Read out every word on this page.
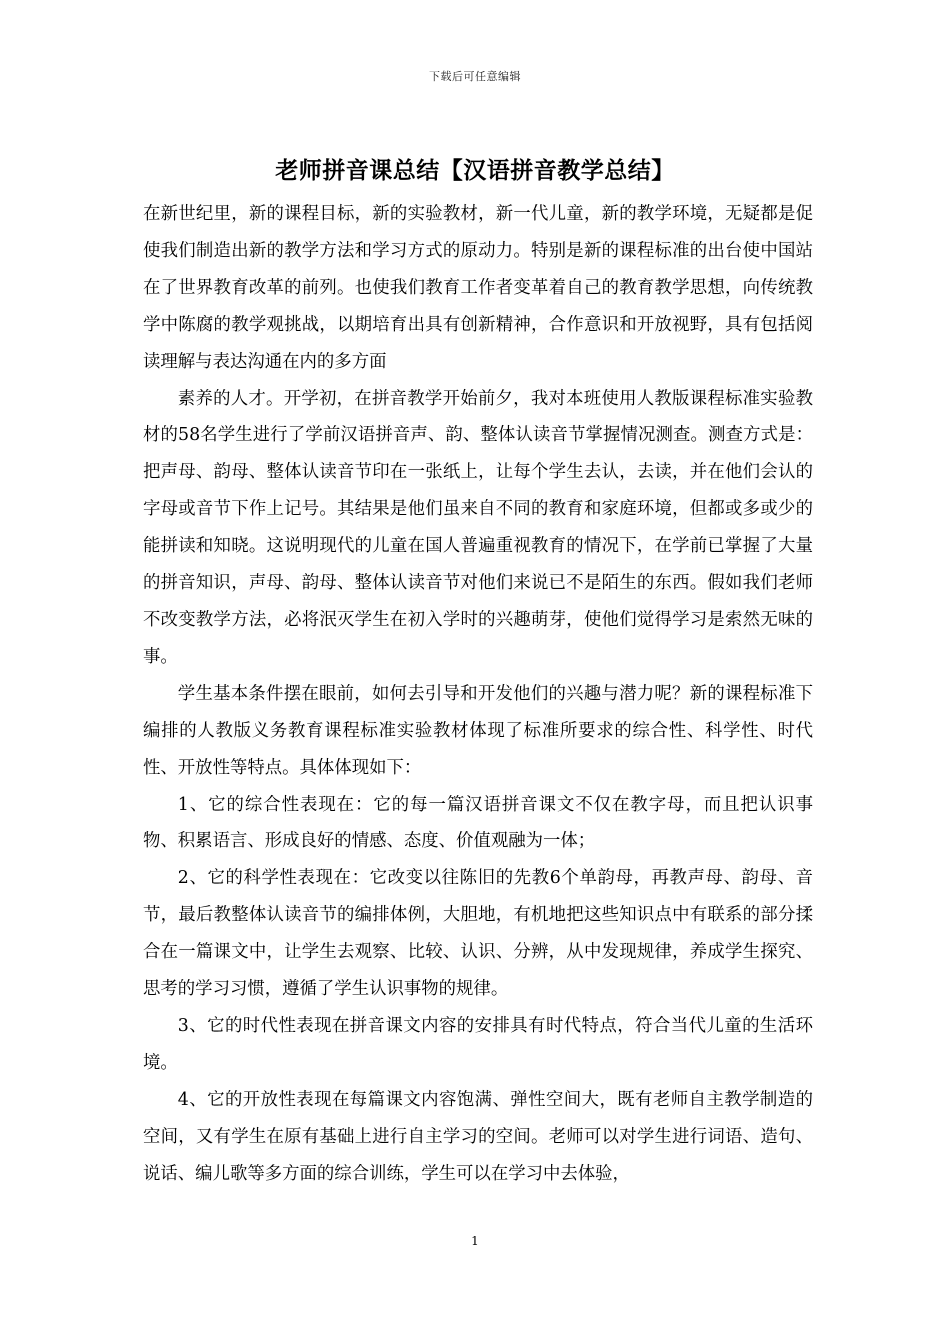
下载后可任意编辑
老师拼音课总结【汉语拼音教学总结】

在新世纪里，新的课程目标，新的实验教材，新一代儿童，新的教学环境，无疑都是促使我们制造出新的教学方法和学习方式的原动力。特别是新的课程标准的出台使中国站在了世界教育改革的前列。也使我们教育工作者变革着自己的教育教学思想，向传统教学中陈腐的教学观挑战，以期培育出具有创新精神，合作意识和开放视野，具有包括阅读理解与表达沟通在内的多方面

素养的人才。开学初，在拼音教学开始前夕，我对本班使用人教版课程标准实验教材的58名学生进行了学前汉语拼音声、韵、整体认读音节掌握情况测查。测查方式是：把声母、韵母、整体认读音节印在一张纸上，让每个学生去认，去读，并在他们会认的字母或音节下作上记号。其结果是他们虽来自不同的教育和家庭环境，但都或多或少的能拼读和知晓。这说明现代的儿童在国人普遍重视教育的情况下，在学前已掌握了大量的拼音知识，声母、韵母、整体认读音节对他们来说已不是陌生的东西。假如我们老师不改变教学方法，必将泯灭学生在初入学时的兴趣萌芽，使他们觉得学习是索然无味的事。

学生基本条件摆在眼前，如何去引导和开发他们的兴趣与潜力呢？新的课程标准下编排的人教版义务教育课程标准实验教材体现了标准所要求的综合性、科学性、时代性、开放性等特点。具体体现如下：

1、它的综合性表现在：它的每一篇汉语拼音课文不仅在教字母，而且把认识事物、积累语言、形成良好的情感、态度、价值观融为一体；

2、它的科学性表现在：它改变以往陈旧的先教6个单韵母，再教声母、韵母、音节，最后教整体认读音节的编排体例，大胆地，有机地把这些知识点中有联系的部分揉合在一篇课文中，让学生去观察、比较、认识、分辨，从中发现规律，养成学生探究、思考的学习习惯，遵循了学生认识事物的规律。

3、它的时代性表现在拼音课文内容的安排具有时代特点，符合当代儿童的生活环境。

4、它的开放性表现在每篇课文内容饱满、弹性空间大，既有老师自主教学制造的空间，又有学生在原有基础上进行自主学习的空间。老师可以对学生进行词语、造句、说话、编儿歌等多方面的综合训练，学生可以在学习中去体验，

1
